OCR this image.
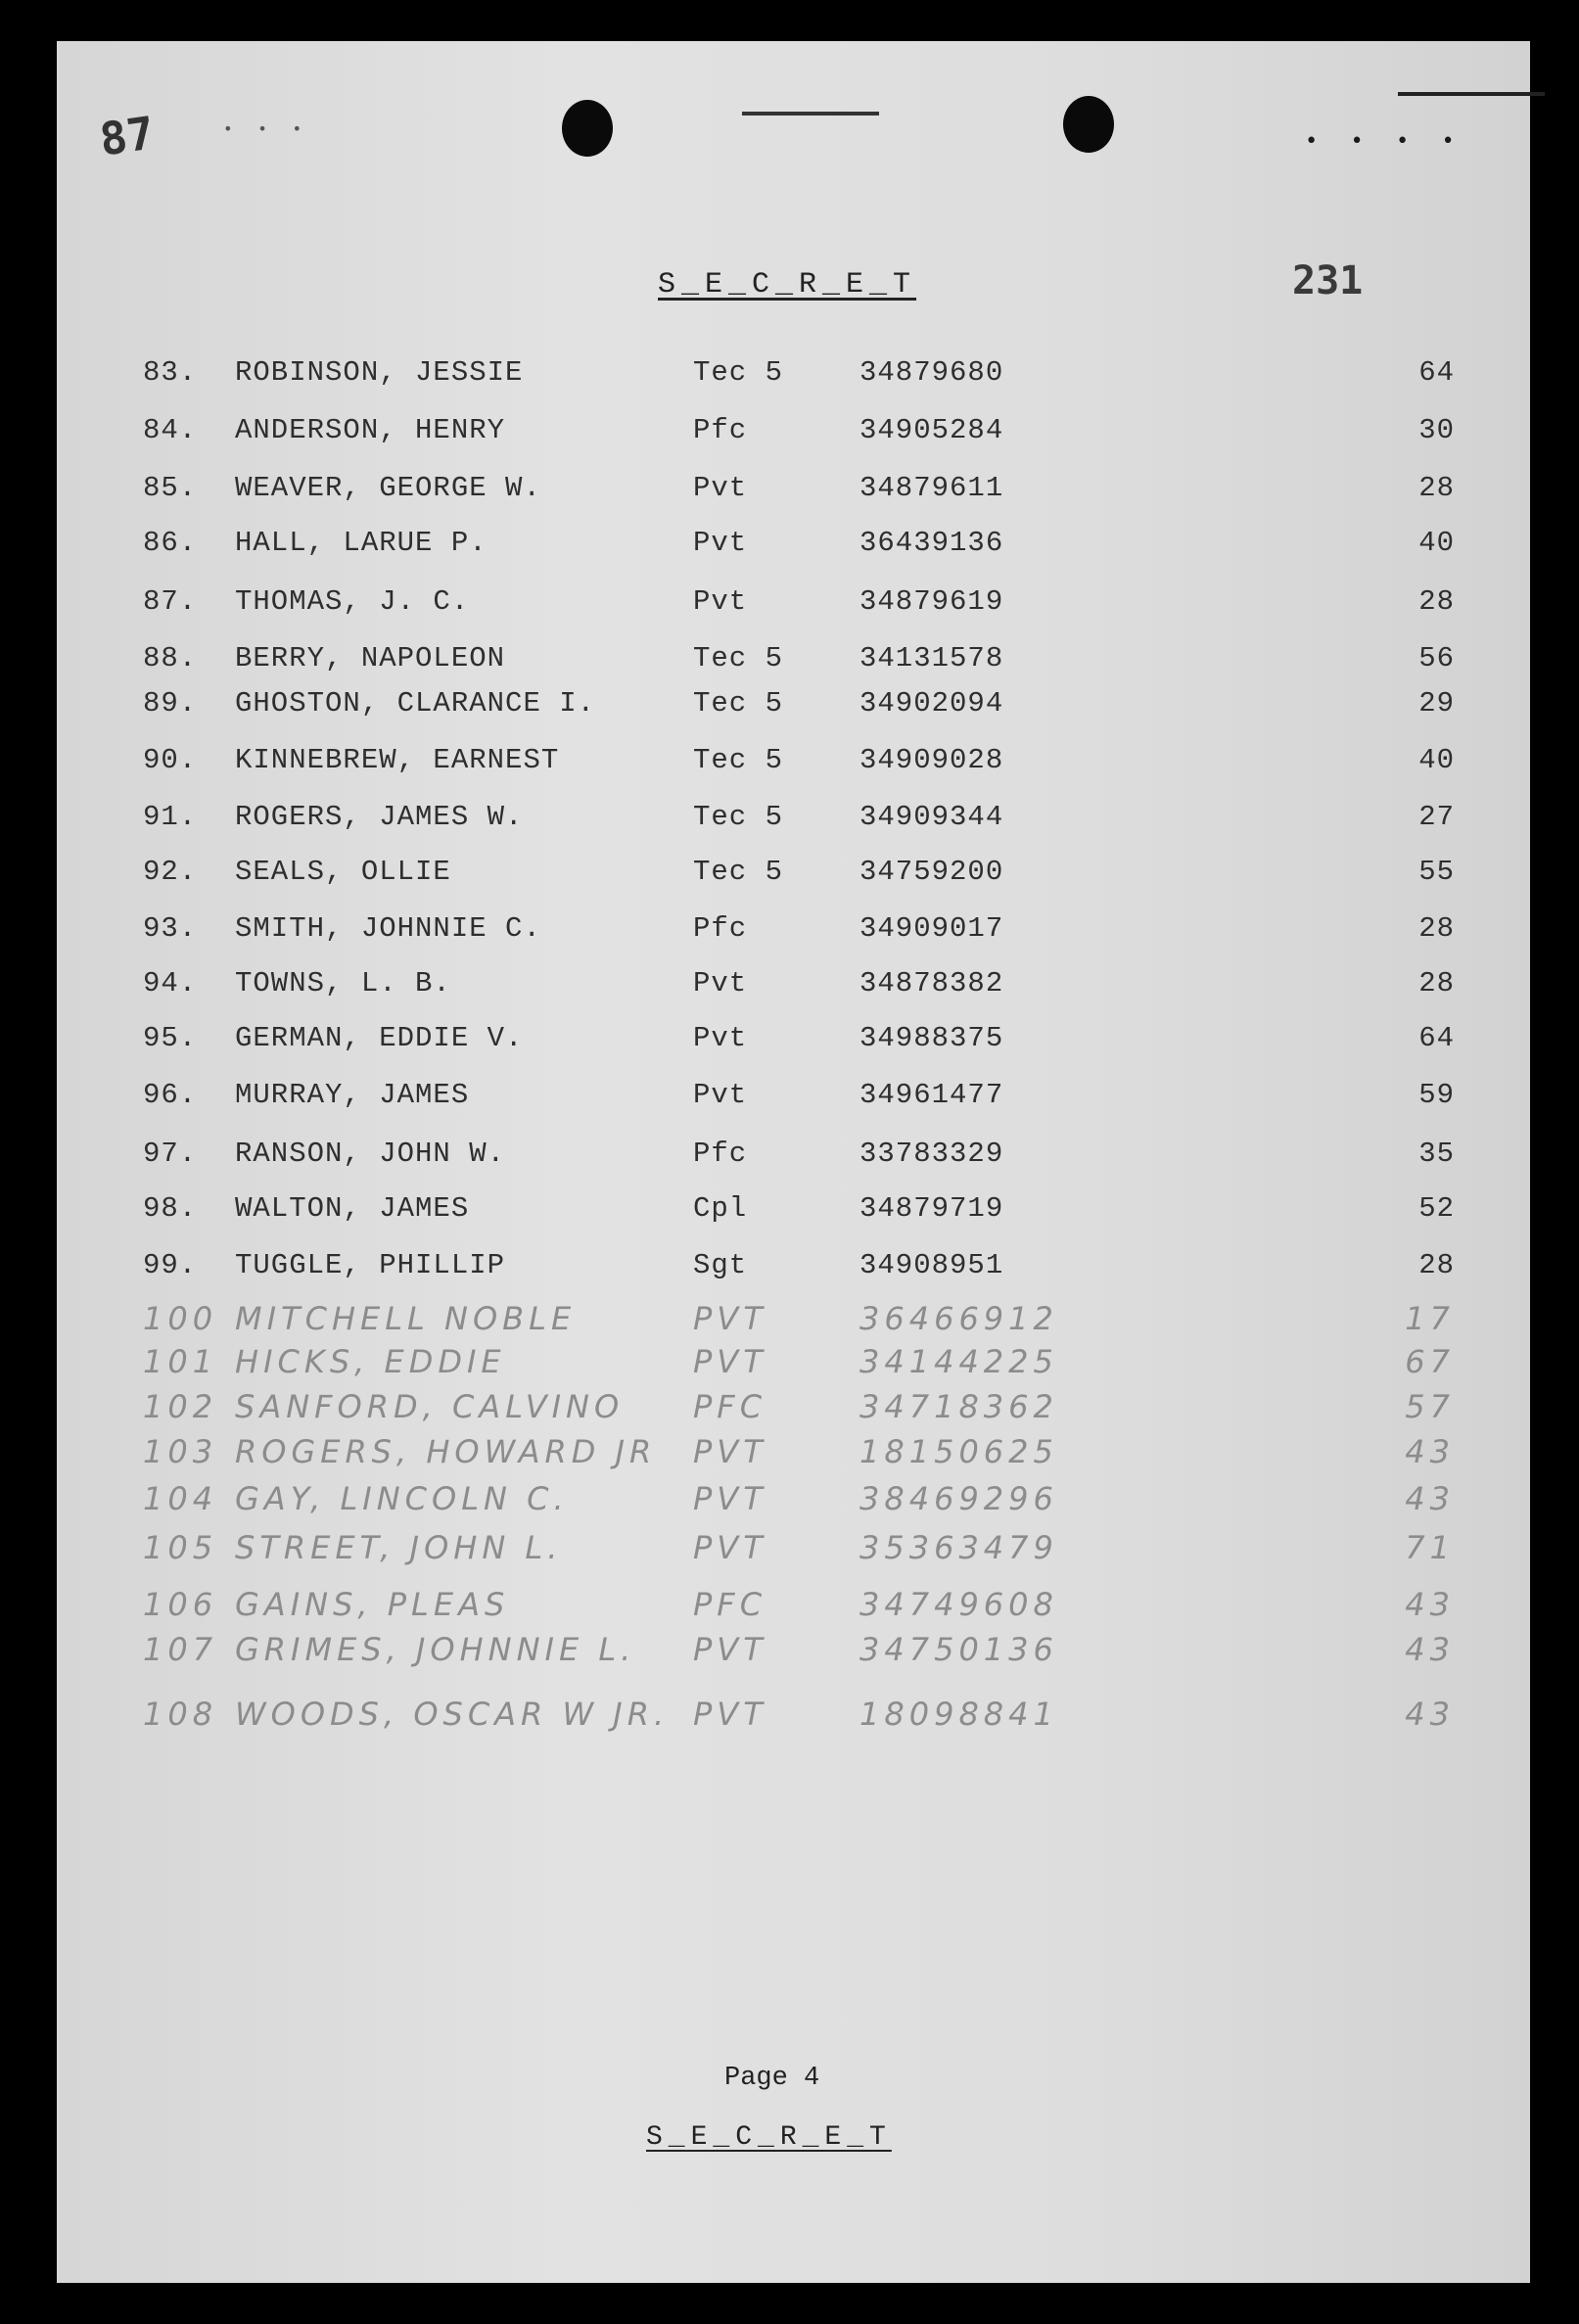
87	• • • •
• • •
S_E_C_R_E_T	231
83. ROBINSON, JESSIE	Tec 5	34879680	64
84. ANDERSON, HENRY	Pfc	34905284	30
85. WEAVER, GEORGE W.	Pvt	34879611	28
86. HALL, LARUE P.	Pvt	36439136	40
87. THOMAS, J. C.	Pvt	34879619	28
88. BERRY, NAPOLEON	Tec 5	34131578	56
89. GHOSTON, CLARANCE I.	Tec 5	34902094	29
90. KINNEBREW, EARNEST	Tec 5	34909028	40
91. ROGERS, JAMES W.	Tec 5	34909344	27
92. SEALS, OLLIE	Tec 5	34759200	55
93. SMITH, JOHNNIE C.	Pfc	34909017	28
94. TOWNS, L. B.	Pvt	34878382	28
95. GERMAN, EDDIE V.	Pvt	34988375	64
96. MURRAY, JAMES	Pvt	34961477	59
97. RANSON, JOHN W.	Pfc	33783329	35
98. WALTON, JAMES	Cpl	34879719	52
99. TUGGLE, PHILLIP	Sgt	34908951	28
100 MITCHELL NOBLE	PVT	36466912	17
101 HICKS, EDDIE	PVT	34144225	67
102 SANFORD, CALVINO PFC	34718362	57
103 ROGERS, HOWARD JR PVT	18150625	43
104 GAY, LINCOLN C.	PVT	38469296	43
105 STREET, JOHN L.	PVT	35363479	71
106 GAINS, PLEAS	PFC	34749608	43
107 GRIMES, JOHNNIE L. PVT	34750136	43
108 WOODS, OSCAR W JR. PVT	18098841	43
Page 4
S_E_C_R_E_T
